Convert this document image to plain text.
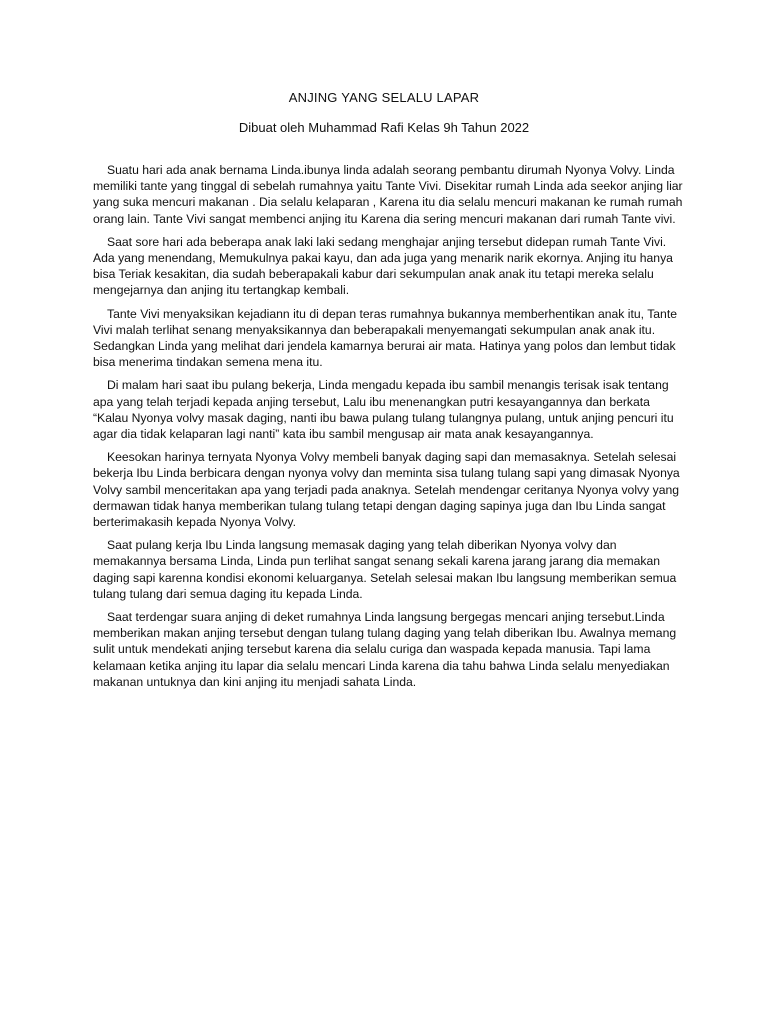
ANJING YANG SELALU LAPAR
Dibuat oleh Muhammad Rafi Kelas 9h Tahun 2022

Suatu hari ada anak bernama Linda.ibunya linda adalah seorang pembantu dirumah Nyonya Volvy. Linda memiliki tante yang tinggal di sebelah rumahnya yaitu Tante Vivi. Disekitar rumah Linda ada seekor anjing liar yang suka mencuri makanan . Dia selalu kelaparan , Karena itu dia selalu mencuri makanan ke rumah rumah orang lain. Tante Vivi sangat membenci anjing itu Karena dia sering mencuri makanan dari rumah Tante vivi.

Saat sore hari ada beberapa anak laki laki sedang menghajar anjing tersebut didepan rumah Tante Vivi. Ada yang menendang, Memukulnya pakai kayu, dan ada juga yang menarik narik ekornya. Anjing itu hanya bisa Teriak kesakitan, dia sudah beberapakali kabur dari sekumpulan anak anak itu tetapi mereka selalu mengejarnya dan anjing itu tertangkap kembali.

Tante Vivi menyaksikan kejadiann itu di depan teras rumahnya bukannya memberhentikan anak itu, Tante Vivi malah terlihat senang menyaksikannya dan beberapakali menyemangati sekumpulan anak anak itu. Sedangkan Linda yang melihat dari jendela kamarnya berurai air mata. Hatinya yang polos dan lembut tidak bisa menerima tindakan semena mena itu.

Di malam hari saat ibu pulang bekerja, Linda mengadu kepada ibu sambil menangis terisak isak tentang apa yang telah terjadi kepada anjing tersebut, Lalu ibu menenangkan putri kesayangannya dan berkata “Kalau Nyonya volvy masak daging, nanti ibu bawa pulang tulang tulangnya pulang, untuk anjing pencuri itu agar dia tidak kelaparan lagi nanti” kata ibu sambil mengusap air mata anak kesayangannya.

Keesokan harinya ternyata Nyonya Volvy membeli banyak daging sapi dan memasaknya. Setelah selesai bekerja Ibu Linda berbicara dengan nyonya volvy dan meminta sisa tulang tulang sapi yang dimasak Nyonya Volvy sambil menceritakan apa yang terjadi pada anaknya. Setelah mendengar ceritanya Nyonya volvy yang dermawan tidak hanya memberikan tulang tulang tetapi dengan daging sapinya juga dan Ibu Linda sangat berterimakasih kepada Nyonya Volvy.

Saat pulang kerja Ibu Linda langsung memasak daging yang telah diberikan Nyonya volvy dan memakannya bersama Linda, Linda pun terlihat sangat senang sekali karena jarang jarang dia memakan daging sapi karenna kondisi ekonomi keluarganya. Setelah selesai makan Ibu langsung memberikan semua tulang tulang dari semua daging itu kepada Linda.

Saat terdengar suara anjing di deket rumahnya Linda langsung bergegas mencari anjing tersebut.Linda memberikan makan anjing tersebut dengan tulang tulang daging yang telah diberikan Ibu. Awalnya memang sulit untuk mendekati anjing tersebut karena dia selalu curiga dan waspada kepada manusia. Tapi lama kelamaan ketika anjing itu lapar dia selalu mencari Linda karena dia tahu bahwa Linda selalu menyediakan makanan untuknya dan kini anjing itu menjadi sahata Linda.
